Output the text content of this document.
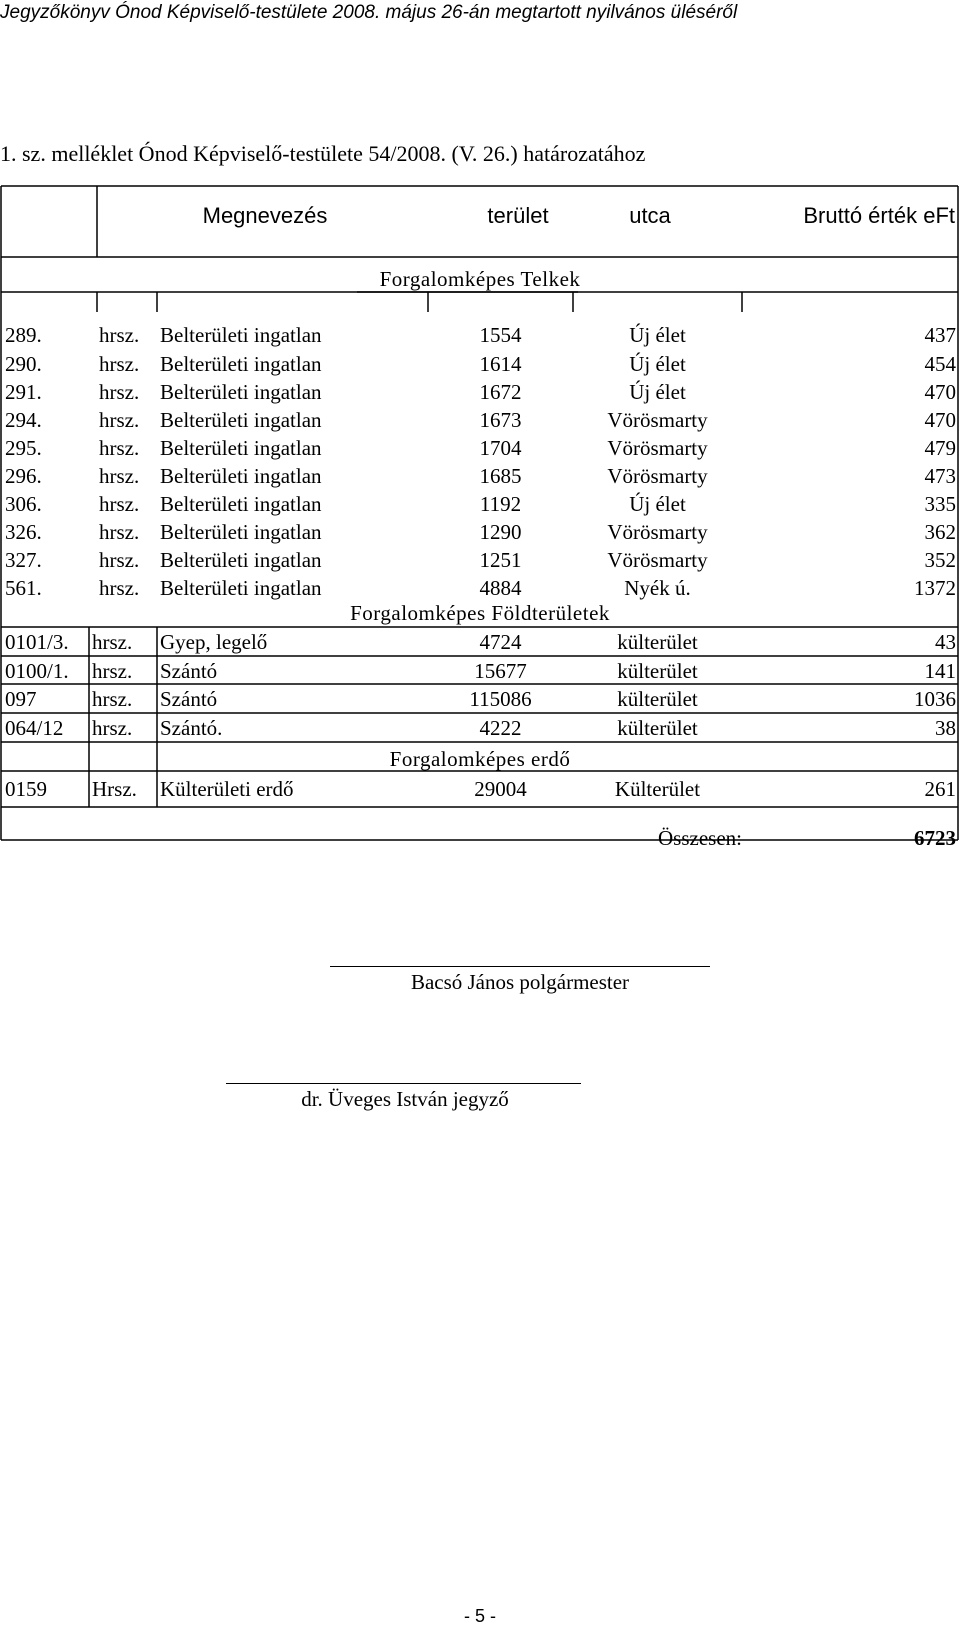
Jegyzőkönyv Ónod Képviselő-testülete 2008. május 26-án megtartott nyilvános üléséről
1. sz. melléklet Ónod Képviselő-testülete 54/2008. (V. 26.) határozatához
Megnevezés	terület	utca	Bruttó érték eFt
Forgalomképes Telkek
Forgalomképes Földterületek
Forgalomképes erdő
289.	hrsz. Belterületi ingatlan	1554	Új élet	437
290.	hrsz. Belterületi ingatlan	1614	Új élet	454
291.	hrsz. Belterületi ingatlan	1672	Új élet	470
294.	hrsz. Belterületi ingatlan	1673	Vörösmarty	470
295.	hrsz. Belterületi ingatlan	1704	Vörösmarty	479
296.	hrsz. Belterületi ingatlan	1685	Vörösmarty	473
306.	hrsz. Belterületi ingatlan	1192	Új élet	335
326.	hrsz. Belterületi ingatlan	1290	Vörösmarty	362
327.	hrsz. Belterületi ingatlan	1251	Vörösmarty	352
561.	hrsz. Belterületi ingatlan	4884	Nyék ú.	1372
0101/3. hrsz. Gyep, legelő	4724	külterület	43
0100/1. hrsz. Szántó	15677	külterület	141
097	hrsz. Szántó	115086	külterület	1036
064/12 hrsz. Szántó.	4222	külterület	38
0159 Hrsz. Külterületi erdő	29004	Külterület	261
Összesen:	6723
Bacsó János polgármester
dr. Üveges István jegyző
- 5 -
